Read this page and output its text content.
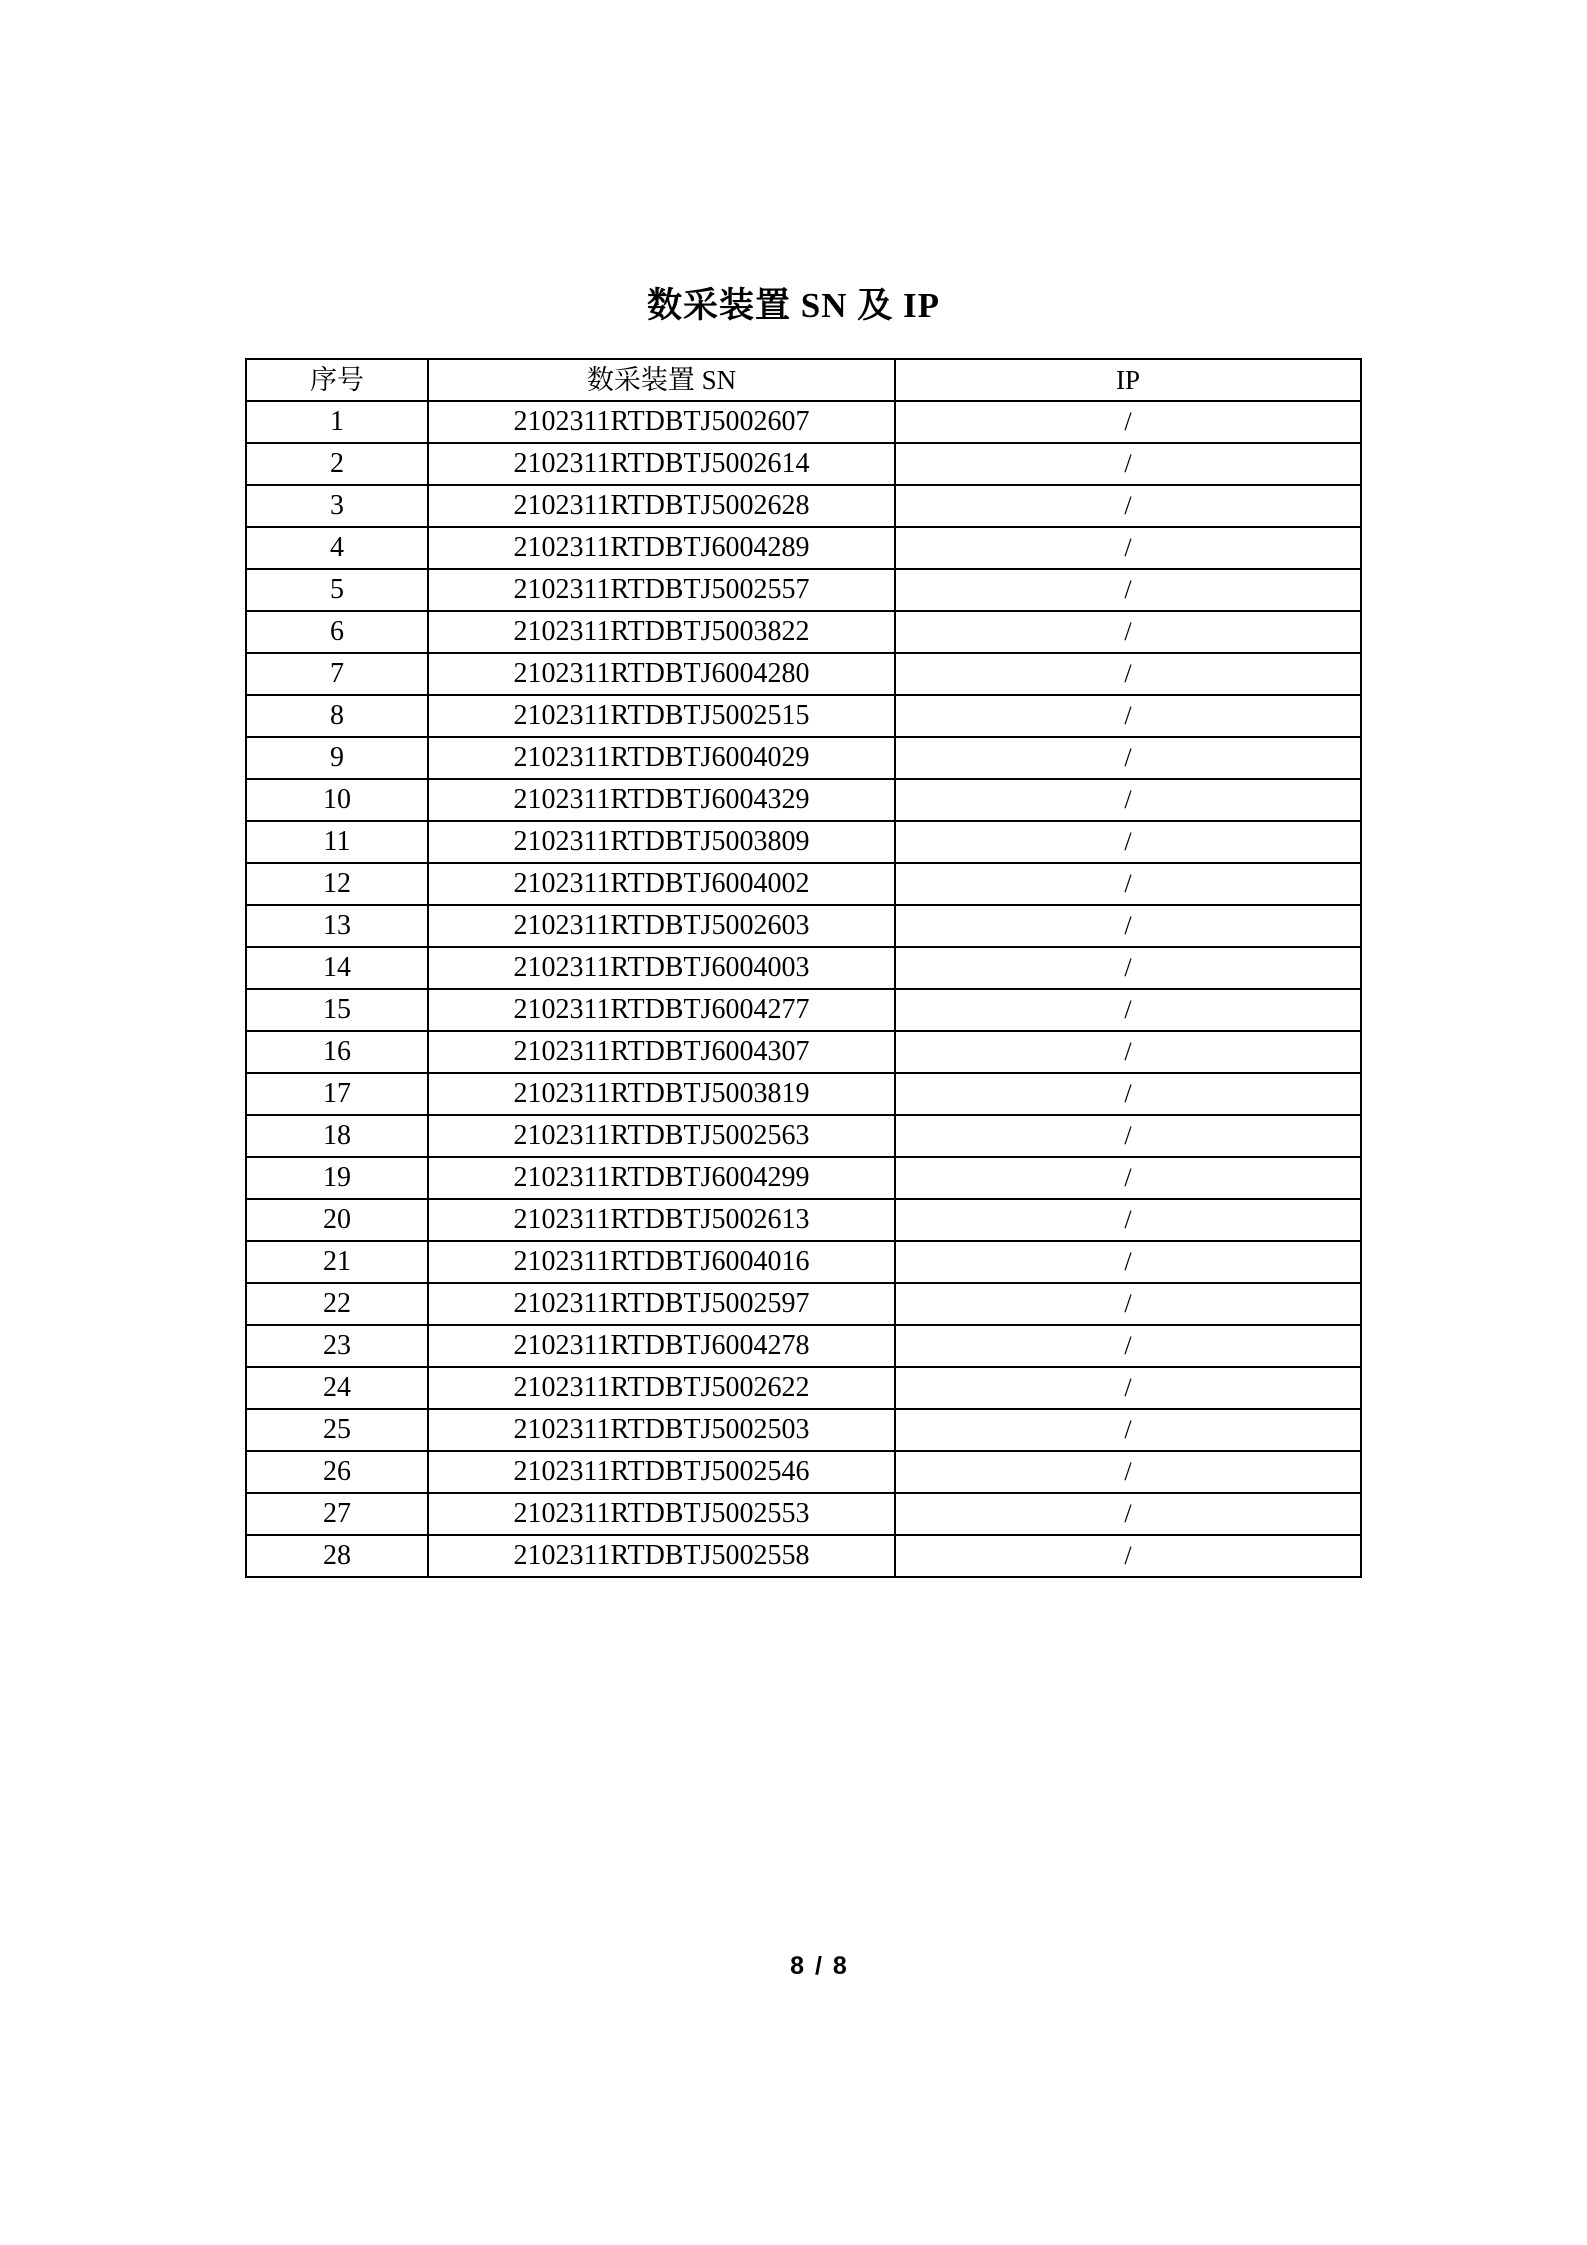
数采装置 SN 及 IP
序号	数采装置 SN	IP
1	2102311RTDBTJ5002607	/
2	2102311RTDBTJ5002614	/
3	2102311RTDBTJ5002628	/
4	2102311RTDBTJ6004289	/
5	2102311RTDBTJ5002557	/
6	2102311RTDBTJ5003822	/
7	2102311RTDBTJ6004280	/
8	2102311RTDBTJ5002515	/
9	2102311RTDBTJ6004029	/
10	2102311RTDBTJ6004329	/
11	2102311RTDBTJ5003809	/
12	2102311RTDBTJ6004002	/
13	2102311RTDBTJ5002603	/
14	2102311RTDBTJ6004003	/
15	2102311RTDBTJ6004277	/
16	2102311RTDBTJ6004307	/
17	2102311RTDBTJ5003819	/
18	2102311RTDBTJ5002563	/
19	2102311RTDBTJ6004299	/
20	2102311RTDBTJ5002613	/
21	2102311RTDBTJ6004016	/
22	2102311RTDBTJ5002597	/
23	2102311RTDBTJ6004278	/
24	2102311RTDBTJ5002622	/
25	2102311RTDBTJ5002503	/
26	2102311RTDBTJ5002546	/
27	2102311RTDBTJ5002553	/
28	2102311RTDBTJ5002558	/
8 / 8
